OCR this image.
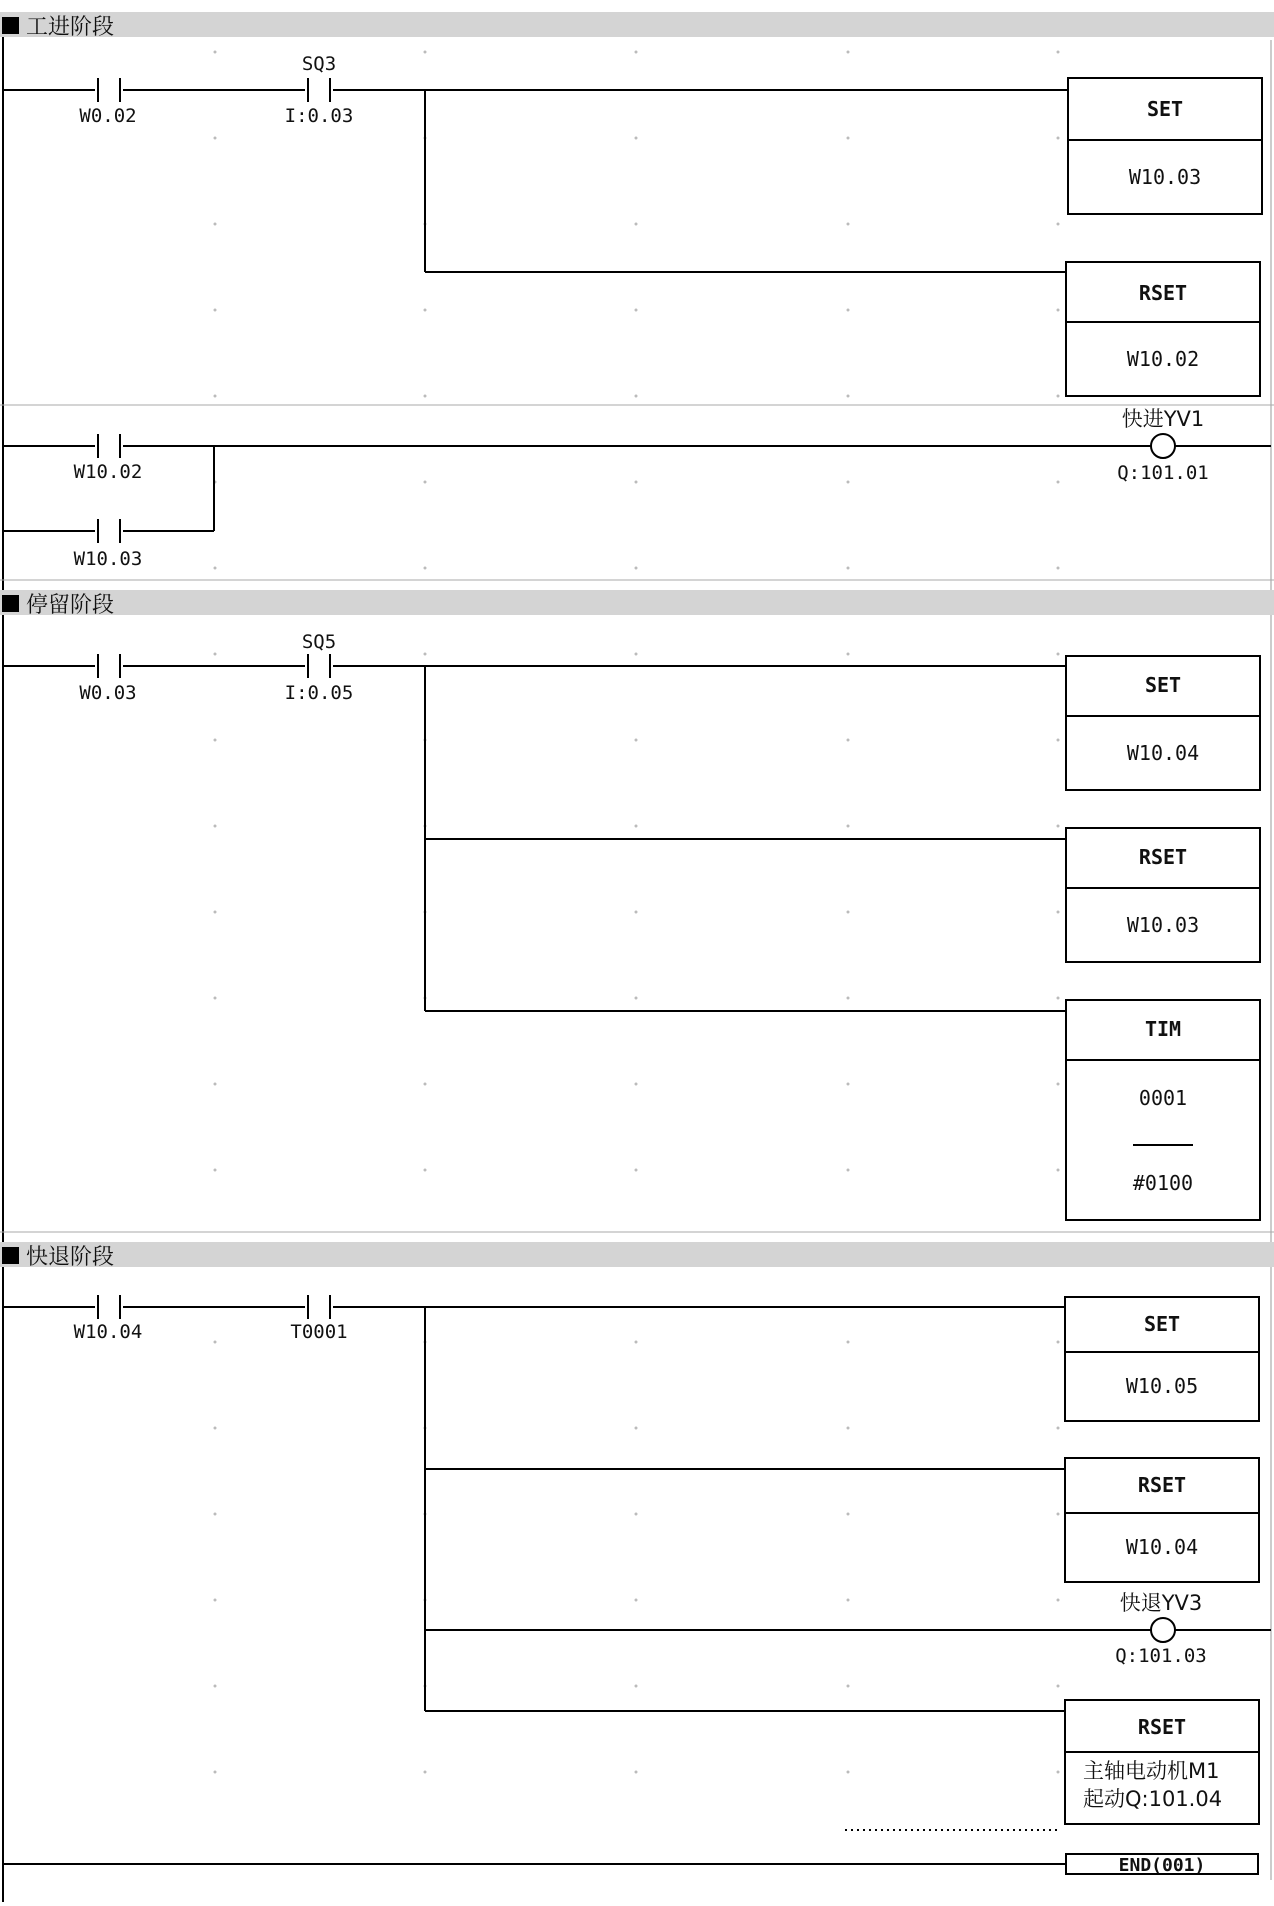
工进阶段
停留阶段
快退阶段
W0.02
SQ3
I:0.03	SET
W10.03
RSET
W10.02
W10.02
W10.03
快进YV1
Q:101.01
W0.03
SQ5
I:0.05	SET
W10.04
RSET
W10.03
TIM
0001
#0100
W10.04	T0001	SET
W10.05
RSET
W10.04
快退YV3
Q:101.03
RSET
主轴电动机M1
起动Q:101.04
END(001)
